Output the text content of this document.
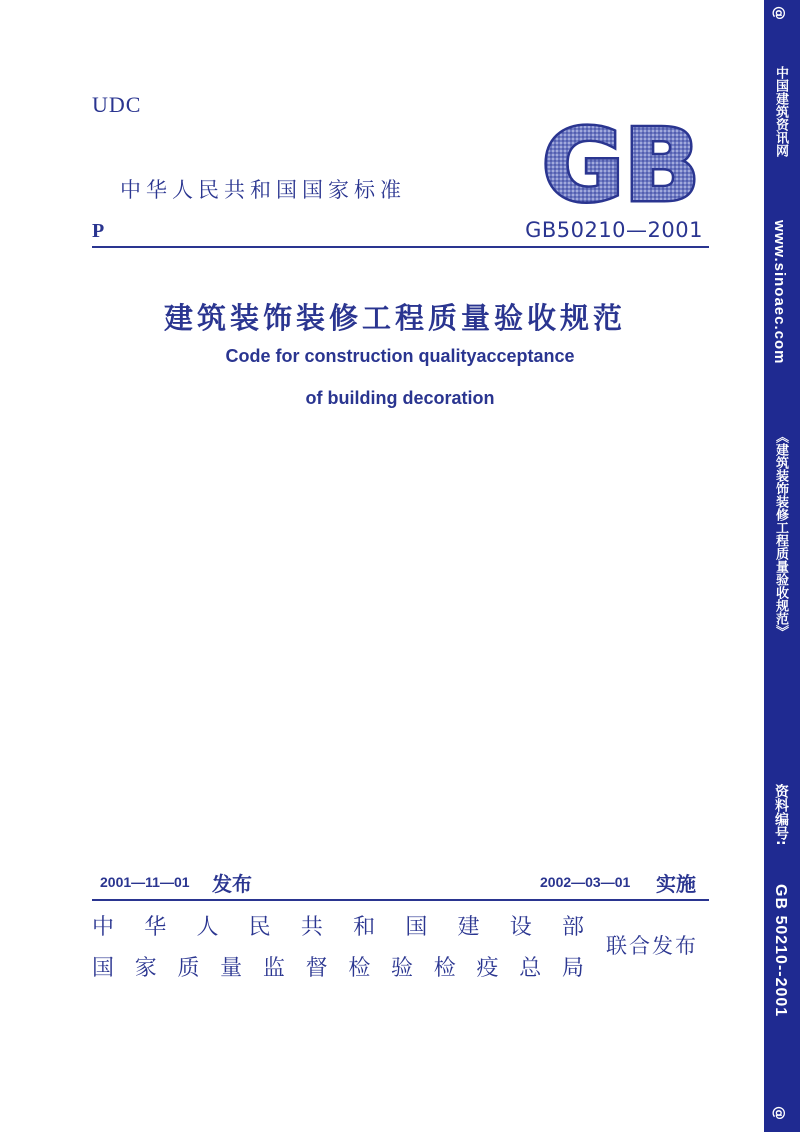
UDC
中华人民共和国国家标准 GB
P	GB50210—2001
建筑装饰装修工程质量验收规范
Code for construction qualityacceptance
of building decoration
2001—11—01 发布	2002—03—01 实施
中 华 人 民 共 和 国 建 设 部
国 家 质 量 监 督 检 验 检 疫 总 局
联合发布
@
中国建筑资讯网
www.sinoaec.com
《建筑装饰装修工程质量验收规范》
资料编号:
GB 50210--2001
@
